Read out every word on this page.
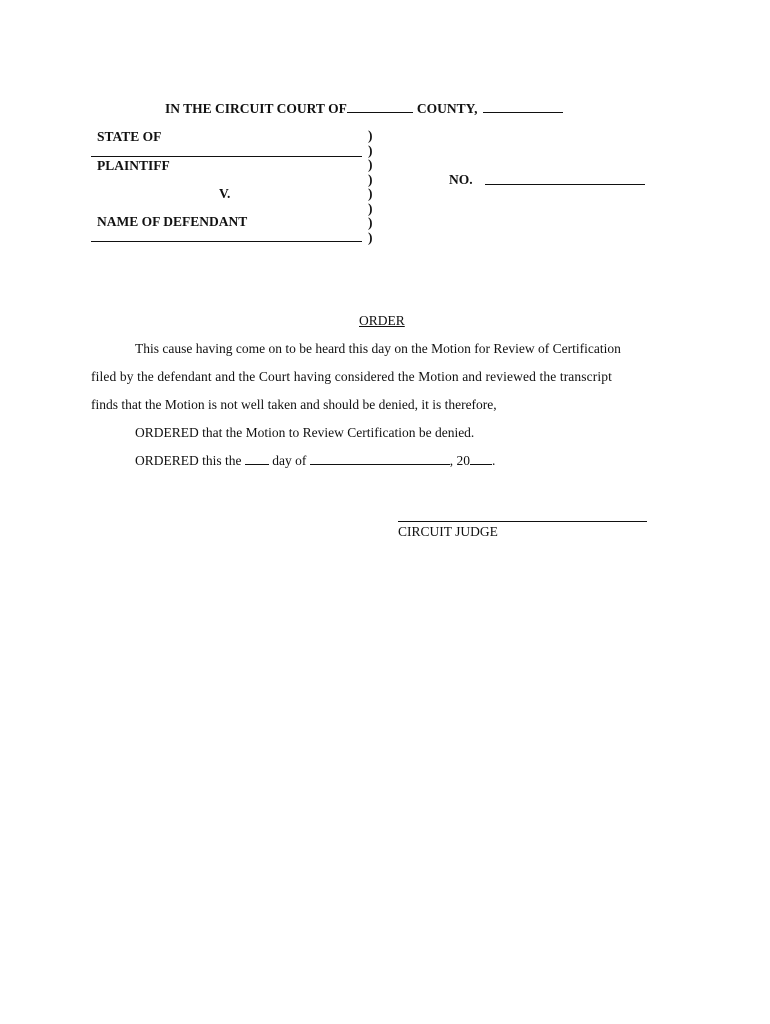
IN THE CIRCUIT COURT OF	COUNTY,
STATE OF
PLAINTIFF
V.
NAME OF DEFENDANT
)
)
)
)
)
)
)
)
NO.
ORDER
This cause having come on to be heard this day on the Motion for Review of Certification
filed by the defendant and the Court having considered the Motion and reviewed the transcript
finds that the Motion is not well taken and should be denied, it is therefore,
ORDERED that the Motion to Review Certification be denied.
ORDERED this the day of	, 20 .
CIRCUIT JUDGE
